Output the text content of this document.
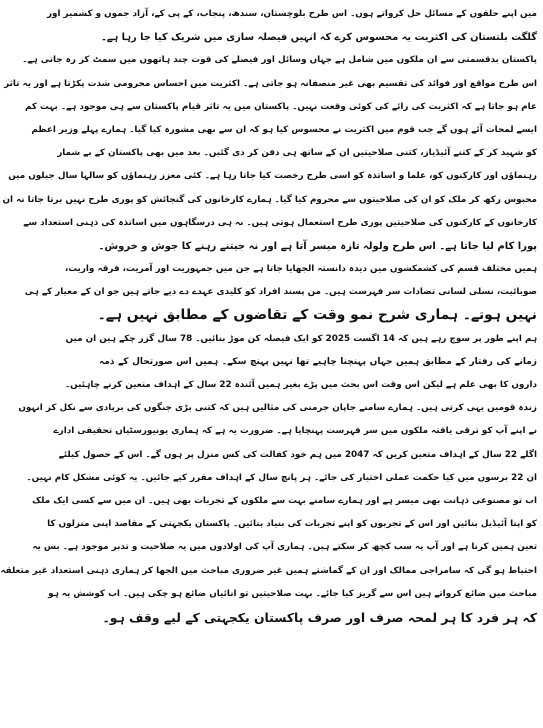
میں اپنے حلقوں کے مسائل حل کرواتے ہوں۔ اس طرح بلوچستان، سندھ، پنجاب، کے پی کے، آزاد جموں و کشمیر اور
گلگت بلتستان کی اکثریت یہ محسوس کرے کہ انہیں فیصلہ سازی میں شریک کیا جا رہا ہے۔
پاکستان بدقسمتی سے ان ملکوں میں شامل ہے جہاں وسائل اور فیصلے کی قوت چند ہاتھوں میں سمٹ کر رہ جاتی ہے۔
اس طرح مواقع اور فوائد کی تقسیم بھی غیر منصفانہ ہو جاتی ہے۔ اکثریت میں احساس محرومی شدت پکڑتا ہے اور یہ تاثر
عام ہو جاتا ہے کہ اکثریت کی رائے کی کوئی وقعت نہیں۔ پاکستان میں یہ تاثر قیام پاکستان سے ہی موجود ہے۔ بہت کم
ایسے لمحات آئے ہوں گے جب قوم میں اکثریت نے محسوس کیا ہو کہ ان سے بھی مشورہ کیا گیا۔ ہمارے پہلے وزیر اعظم
کو شہید کر کے کتنے آئیڈیاز، کتنی صلاحیتیں ان کے ساتھ ہی دفن کر دی گئیں۔ بعد میں بھی پاکستان کے بے شمار
رہنماؤں اور کارکنوں کو، علما و اساتذہ کو اسی طرح رخصت کیا جاتا رہا ہے۔ کئی معزز رہنماؤں کو سالہا سال جیلوں میں
محبوس رکھ کر ملک کو ان کی صلاحیتوں سے محروم کیا گیا۔ ہمارے کارخانوں کی گنجائش کو پوری طرح نہیں برتا جاتا نہ ان
کارخانوں کے کارکنوں کی صلاحیتیں پوری طرح استعمال ہوتی ہیں۔ نہ ہی درسگاہوں میں اساتذہ کی ذہنی استعداد سے
پورا کام لیا جاتا ہے۔ اس طرح ولولہ تازہ میسر آتا ہے اور نہ جیتنے رہنے کا جوش و خروش۔
ہمیں مختلف قسم کی کشمکشوں میں دیدہ دانستہ الجھایا جاتا ہے جن میں جمہوریت اور آمریت، فرقہ واریت،
صوبائیت، نسلی لسانی تضادات سر فہرست ہیں۔ من پسند افراد کو کلیدی عہدے دے دیے جاتے ہیں جو ان کے معیار کے ہی
نہیں ہوتے۔ ہماری شرح نمو وقت کے تقاضوں کے مطابق نہیں ہے۔
ہم اپنے طور پر سوچ رہے ہیں کہ 14 اگست 2025 کو ایک فیصلہ کن موڑ بنائیں۔ 78 سال گزر چکے ہیں ان میں
زمانے کی رفتار کے مطابق ہمیں جہاں پہنچنا چاہیے تھا نہیں پہنچ سکے۔ ہمیں اس صورتحال کے ذمہ
داروں کا بھی علم ہے لیکن اس وقت اس بحث میں پڑے بغیر ہمیں آئندہ 22 سال کے اہداف متعین کرنے چاہئیں۔
زندہ قومیں یہی کرتی ہیں۔ ہمارے سامنے جاپان جرمنی کی مثالیں ہیں کہ کتنی بڑی جنگوں کی بربادی سے نکل کر انہوں
نے اپنے آپ کو ترقی یافتہ ملکوں میں سر فہرست پہنچایا ہے۔ ضرورت یہ ہے کہ ہماری یونیورسٹیاں تحقیقی ادارے
اگلے 22 سال کے اہداف متعین کریں کہ 2047 میں ہم خود کفالت کی کس منزل پر ہوں گے۔ اس کے حصول کیلئے
ان 22 برسوں میں کیا حکمت عملی اختیار کی جائے۔ ہر پانچ سال کے اہداف مقرر کیے جائیں۔ یہ کوئی مشکل کام نہیں۔
اب تو مصنوعی ذہانت بھی میسر ہے اور ہمارے سامنے بہت سے ملکوں کے تجربات بھی ہیں۔ ان میں سے کسی ایک ملک
کو اپنا آئیڈیل بنائیں اور اس کے تجربوں کو اپنے تجربات کی بنیاد بنائیں۔ پاکستان یکجہتی کے مقاصد اپنی منزلوں کا
تعین ہمیں کرنا ہے اور آپ یہ سب کچھ کر سکتے ہیں۔ ہماری آپ کی اولادوں میں یہ صلاحیت و تدبر موجود ہے۔ بس یہ
احتیاط ہو گی کہ سامراجی ممالک اور ان کے گماشتے ہمیں غیر ضروری مباحث میں الجھا کر ہماری ذہنی استعداد غیر متعلقہ
مباحث میں ضائع کرواتے ہیں اس سے گریز کیا جائے۔ بہت صلاحیتیں تو انائیاں ضائع ہو چکی ہیں۔ اب کوشش یہ ہو
کہ ہر فرد کا ہر لمحہ صرف اور صرف پاکستان یکجہتی کے لیے وقف ہو۔
